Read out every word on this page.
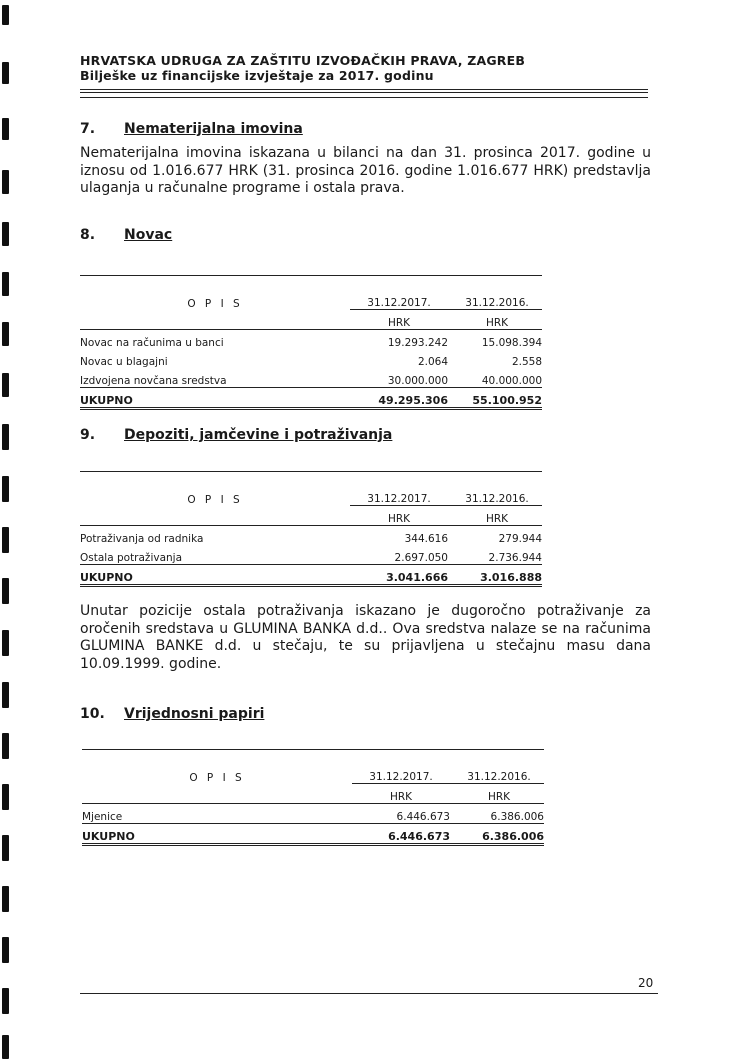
HRVATSKA UDRUGA ZA ZAŠTITU IZVOĐAČKIH PRAVA, ZAGREB
Bilješke uz financijske izvještaje za 2017. godinu
7. Nematerijalna imovina
Nematerijalna imovina iskazana u bilanci na dan 31. prosinca 2017. godine u iznosu od 1.016.677 HRK (31. prosinca 2016. godine 1.016.677 HRK) predstavlja ulaganja u računalne programe i ostala prava.
8. Novac

O P I S	31.12.2017.	31.12.2016.
	HRK	HRK
Novac na računima u banci	19.293.242	15.098.394
Novac u blagajni	2.064	2.558
Izdvojena novčana sredstva	30.000.000	40.000.000
UKUPNO	49.295.306	55.100.952
9. Depoziti, jamčevine i potraživanja

O P I S	31.12.2017.	31.12.2016.
	HRK	HRK
Potraživanja od radnika	344.616	279.944
Ostala potraživanja	2.697.050	2.736.944
UKUPNO	3.041.666	3.016.888
Unutar pozicije ostala potraživanja iskazano je dugoročno potraživanje za oročenih sredstava u GLUMINA BANKA d.d.. Ova sredstva nalaze se na računima GLUMINA BANKE d.d. u stečaju, te su prijavljena u stečajnu masu dana 10.09.1999. godine.
10. Vrijednosni papiri

O P I S	31.12.2017.	31.12.2016.
	HRK	HRK
Mjenice	6.446.673	6.386.006
UKUPNO	6.446.673	6.386.006
20
